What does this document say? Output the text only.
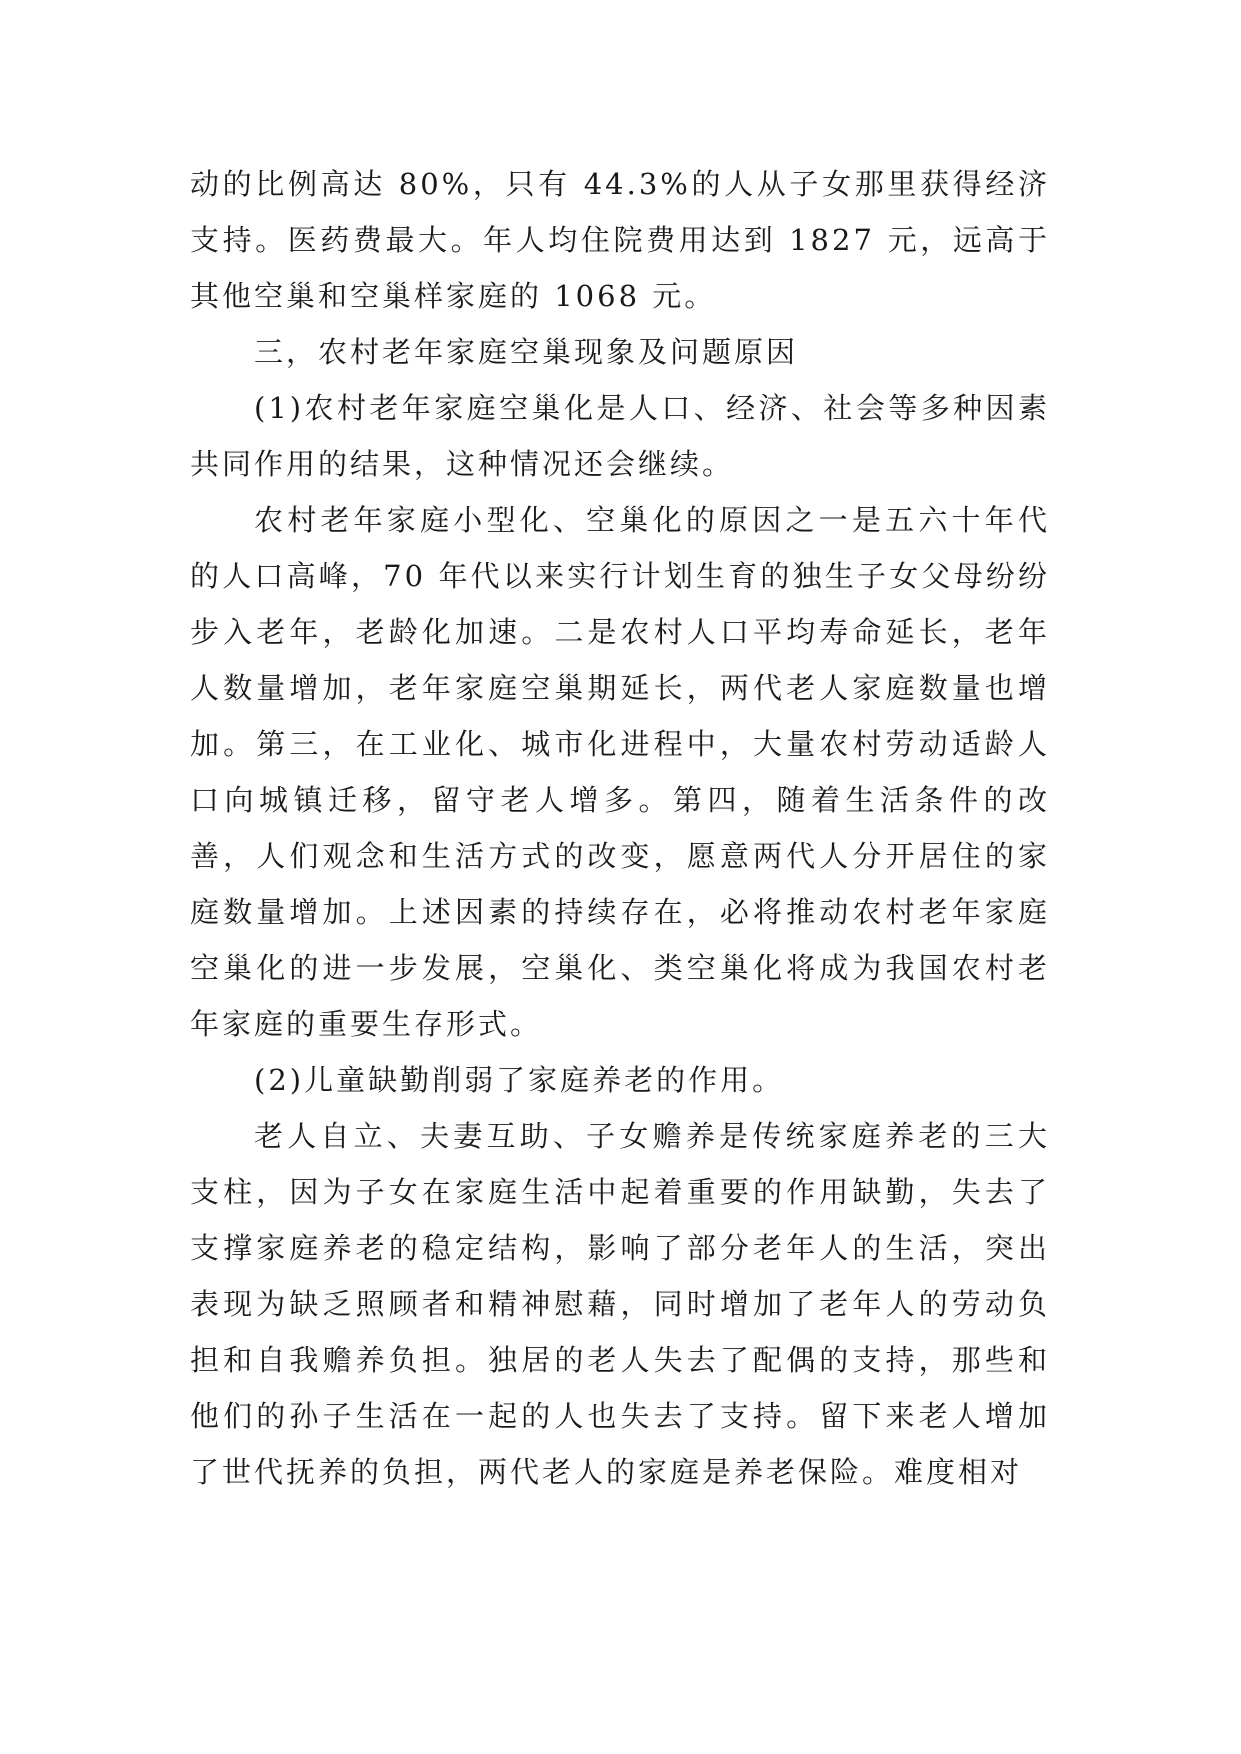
动的比例高达 80%，只有 44.3%的人从子女那里获得经济支持。医药费最大。年人均住院费用达到 1827 元，远高于其他空巢和空巢样家庭的 1068 元。

三，农村老年家庭空巢现象及问题原因

(1)农村老年家庭空巢化是人口、经济、社会等多种因素共同作用的结果，这种情况还会继续。

农村老年家庭小型化、空巢化的原因之一是五六十年代的人口高峰，70 年代以来实行计划生育的独生子女父母纷纷步入老年，老龄化加速。二是农村人口平均寿命延长，老年人数量增加，老年家庭空巢期延长，两代老人家庭数量也增加。第三，在工业化、城市化进程中，大量农村劳动适龄人口向城镇迁移，留守老人增多。第四，随着生活条件的改善，人们观念和生活方式的改变，愿意两代人分开居住的家庭数量增加。上述因素的持续存在，必将推动农村老年家庭空巢化的进一步发展，空巢化、类空巢化将成为我国农村老年家庭的重要生存形式。

(2)儿童缺勤削弱了家庭养老的作用。

老人自立、夫妻互助、子女赡养是传统家庭养老的三大支柱，因为子女在家庭生活中起着重要的作用缺勤，失去了支撑家庭养老的稳定结构，影响了部分老年人的生活，突出表现为缺乏照顾者和精神慰藉，同时增加了老年人的劳动负担和自我赡养负担。独居的老人失去了配偶的支持，那些和他们的孙子生活在一起的人也失去了支持。留下来老人增加了世代抚养的负担，两代老人的家庭是养老保险。难度相对
